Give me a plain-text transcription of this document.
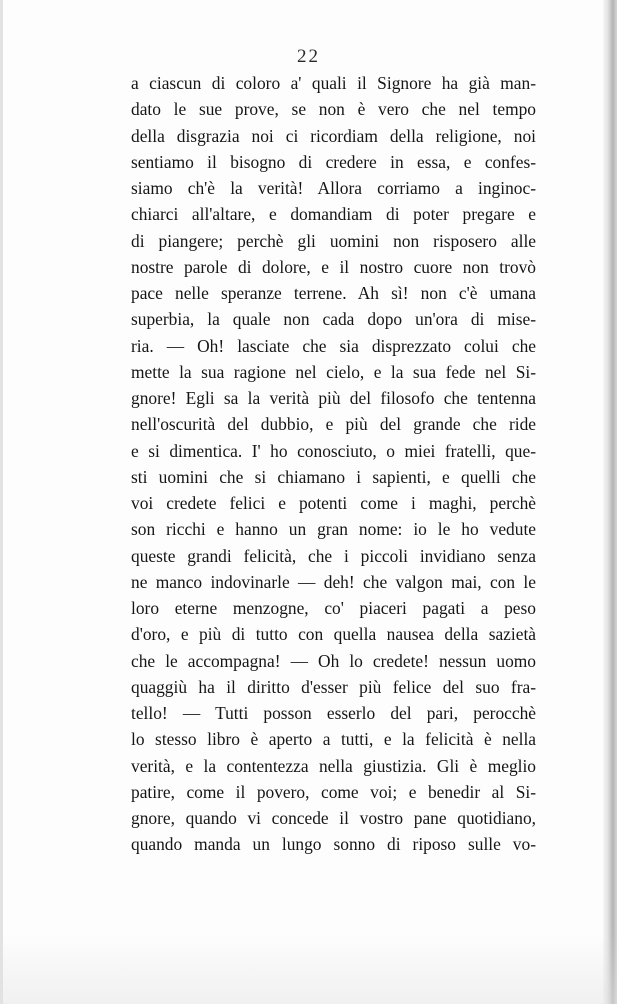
22
a ciascun di coloro a' quali il Signore ha già man-
dato le sue prove, se non è vero che nel tempo
della disgrazia noi ci ricordiam della religione, noi
sentiamo il bisogno di credere in essa, e confes-
siamo ch'è la verità! Allora corriamo a inginoc-
chiarci all'altare, e domandiam di poter pregare e
di piangere; perchè gli uomini non risposero alle
nostre parole di dolore, e il nostro cuore non trovò
pace nelle speranze terrene. Ah sì! non c'è umana
superbia, la quale non cada dopo un'ora di mise-
ria. — Oh! lasciate che sia disprezzato colui che
mette la sua ragione nel cielo, e la sua fede nel Si-
gnore! Egli sa la verità più del filosofo che tentenna
nell'oscurità del dubbio, e più del grande che ride
e si dimentica. I' ho conosciuto, o miei fratelli, que-
sti uomini che si chiamano i sapienti, e quelli che
voi credete felici e potenti come i maghi, perchè
son ricchi e hanno un gran nome: io le ho vedute
queste grandi felicità, che i piccoli invidiano senza
ne manco indovinarle — deh! che valgon mai, con le
loro eterne menzogne, co' piaceri pagati a peso
d'oro, e più di tutto con quella nausea della sazietà
che le accompagna! — Oh lo credete! nessun uomo
quaggiù ha il diritto d'esser più felice del suo fra-
tello! — Tutti posson esserlo del pari, perocchè
lo stesso libro è aperto a tutti, e la felicità è nella
verità, e la contentezza nella giustizia. Gli è meglio
patire, come il povero, come voi; e benedir al Si-
gnore, quando vi concede il vostro pane quotidiano,
quando manda un lungo sonno di riposo sulle vo-
